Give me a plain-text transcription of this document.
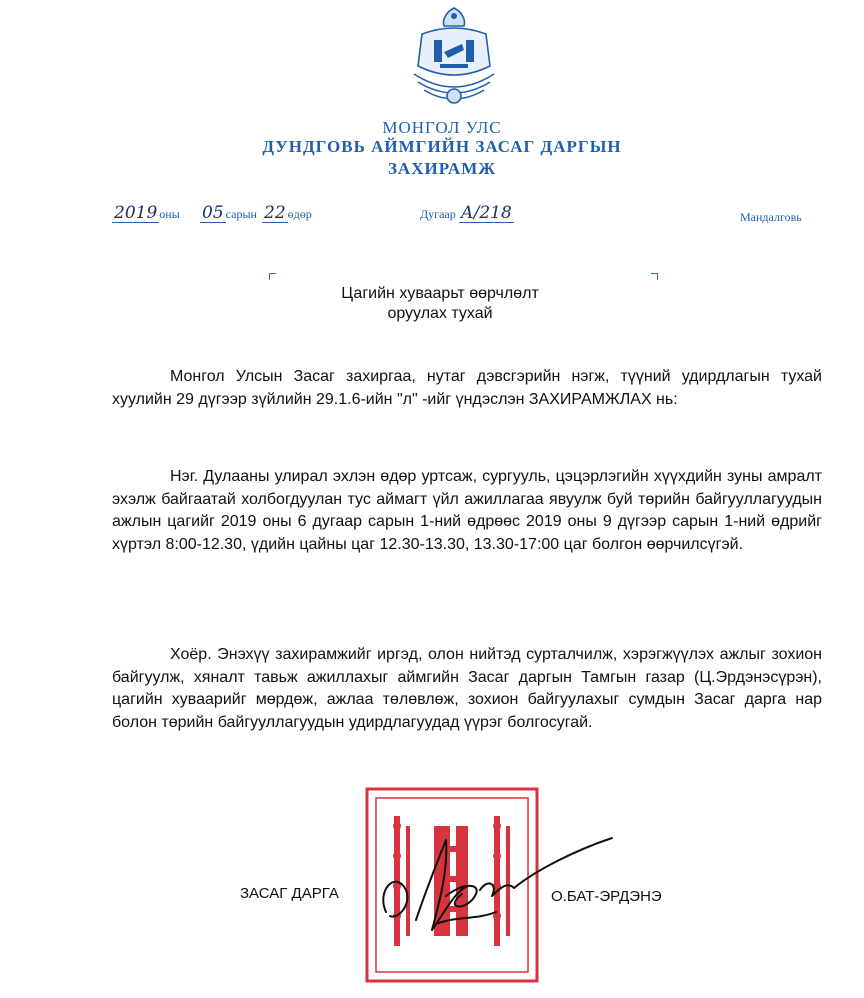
МОНГОЛ УЛС
ДУНДГОВЬ АЙМГИЙН ЗАСАГ ДАРГЫН
ЗАХИРАМЖ
2019 оны 05 сарын 22 өдөр	Дугаар А/218	Мандалговь
Цагийн хуваарьт өөрчлөлт
оруулах тухай

Монгол Улсын Засаг захиргаа, нутаг дэвсгэрийн нэгж, түүний удирдлагын тухай хуулийн 29 дүгээр зүйлийн 29.1.6-ийн "л" -ийг үндэслэн ЗАХИРАМЖЛАХ нь:

Нэг. Дулааны улирал эхлэн өдөр уртсаж, сургууль, цэцэрлэгийн хүүхдийн зуны амралт эхэлж байгаатай холбогдуулан тус аймагт үйл ажиллагаа явуулж буй төрийн байгууллагуудын ажлын цагийг 2019 оны 6 дугаар сарын 1-ний өдрөөс 2019 оны 9 дүгээр сарын 1-ний өдрийг хүртэл 8:00-12.30, үдийн цайны цаг 12.30-13.30, 13.30-17:00 цаг болгон өөрчилсүгэй.

Хоёр. Энэхүү захирамжийг иргэд, олон нийтэд сурталчилж, хэрэгжүүлэх ажлыг зохион байгуулж, хяналт тавьж ажиллахыг аймгийн Засаг даргын Тамгын газар (Ц.Эрдэнэсүрэн), цагийн хуваарийг мөрдөж, ажлаа төлөвлөж, зохион байгуулахыг сумдын Засаг дарга нар болон төрийн байгууллагуудын удирдлагуудад үүрэг болгосугай.

ЗАСАГ ДАРГА	О.БАТ-ЭРДЭНЭ
